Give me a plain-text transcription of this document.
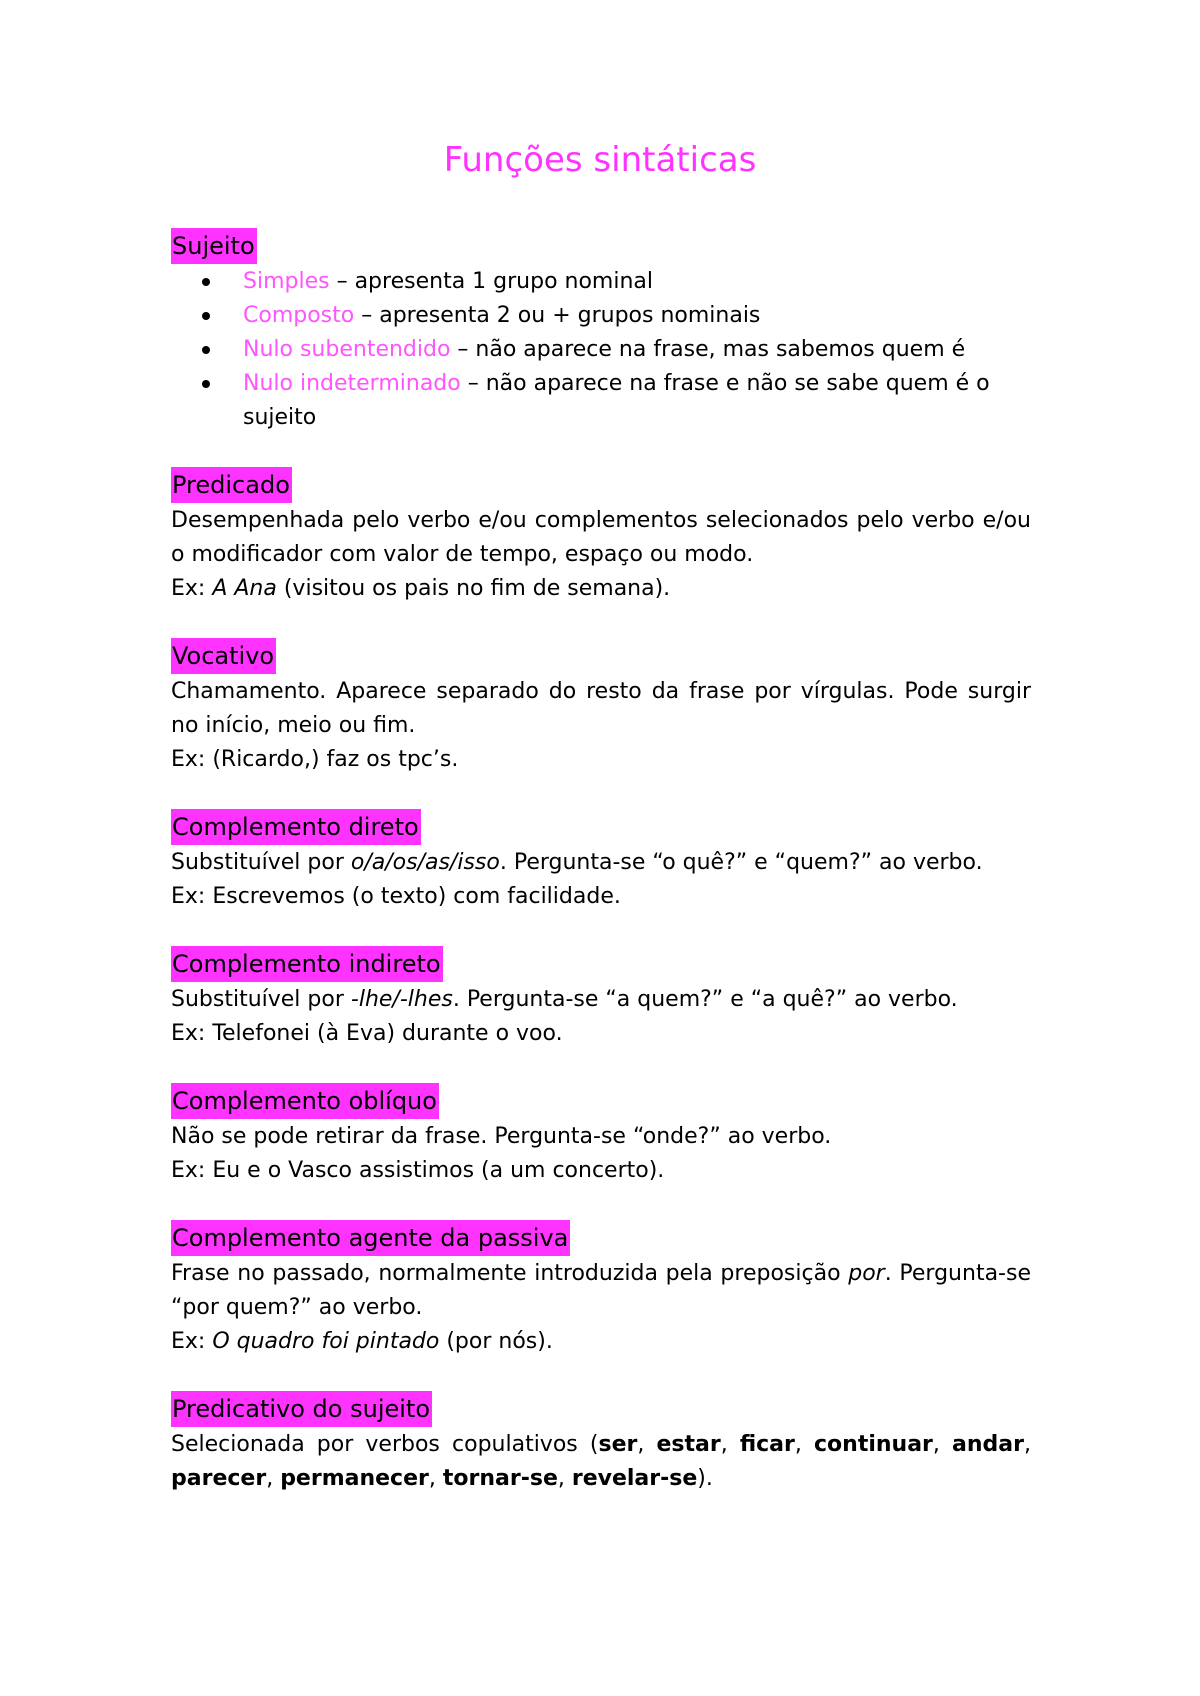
Funções sintáticas
Sujeito
Simples – apresenta 1 grupo nominal
Composto – apresenta 2 ou + grupos nominais
Nulo subentendido – não aparece na frase, mas sabemos quem é
Nulo indeterminado – não aparece na frase e não se sabe quem é o sujeito
Predicado

Desempenhada pelo verbo e/ou complementos selecionados pelo verbo e/ou o modificador com valor de tempo, espaço ou modo.

Ex: A Ana (visitou os pais no fim de semana).

Vocativo

Chamamento. Aparece separado do resto da frase por vírgulas. Pode surgir no início, meio ou fim.

Ex: (Ricardo,) faz os tpc’s.

Complemento direto

Substituível por o/a/os/as/isso. Pergunta-se “o quê?” e “quem?” ao verbo.

Ex: Escrevemos (o texto) com facilidade.

Complemento indireto

Substituível por -lhe/-lhes. Pergunta-se “a quem?” e “a quê?” ao verbo.

Ex: Telefonei (à Eva) durante o voo.

Complemento oblíquo

Não se pode retirar da frase. Pergunta-se “onde?” ao verbo.

Ex: Eu e o Vasco assistimos (a um concerto).

Complemento agente da passiva

Frase no passado, normalmente introduzida pela preposição por. Pergunta-se “por quem?” ao verbo.

Ex: O quadro foi pintado (por nós).

Predicativo do sujeito

Selecionada por verbos copulativos (ser, estar, ficar, continuar, andar, parecer, permanecer, tornar-se, revelar-se).
